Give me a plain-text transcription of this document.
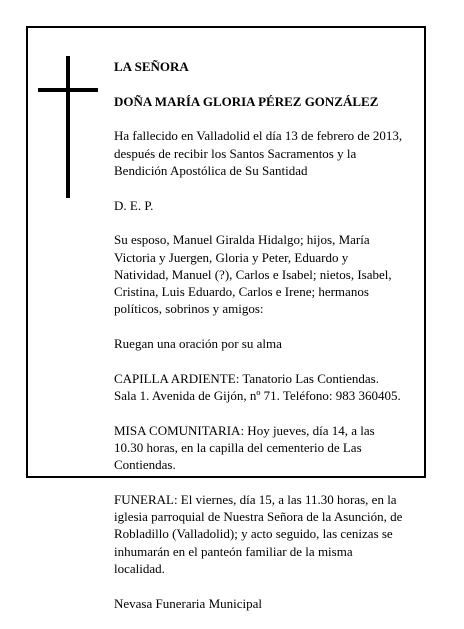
LA SEÑORA

DOÑA MARÍA GLORIA PÉREZ GONZÁLEZ

Ha fallecido en Valladolid el día 13 de febrero de 2013,
después de recibir los Santos Sacramentos y la
Bendición Apostólica de Su Santidad

D. E. P.

Su esposo, Manuel Giralda Hidalgo; hijos, María
Victoria y Juergen, Gloria y Peter, Eduardo y
Natividad, Manuel (?), Carlos e Isabel; nietos, Isabel,
Cristina, Luis Eduardo, Carlos e Irene; hermanos
políticos, sobrinos y amigos:

Ruegan una oración por su alma

CAPILLA ARDIENTE: Tanatorio Las Contiendas.
Sala 1. Avenida de Gijón, nº 71. Teléfono: 983 360405.

MISA COMUNITARIA: Hoy jueves, día 14, a las
10.30 horas, en la capilla del cementerio de Las
Contiendas.

FUNERAL: El viernes, día 15, a las 11.30 horas, en la
iglesia parroquial de Nuestra Señora de la Asunción, de
Robladillo (Valladolid); y acto seguido, las cenizas se
inhumarán en el panteón familiar de la misma
localidad.

Nevasa Funeraria Municipal
